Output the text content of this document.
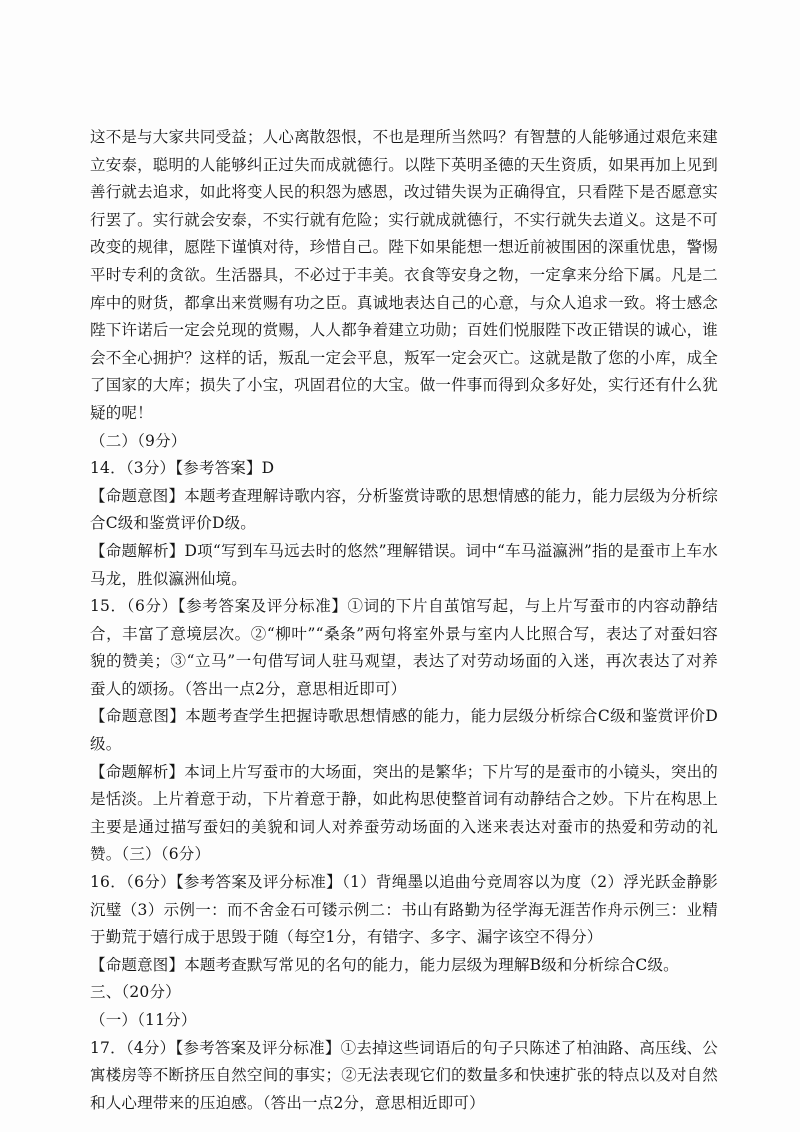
这不是与大家共同受益；人心离散怨恨，不也是理所当然吗？有智慧的人能够通过艰危来建立安泰，聪明的人能够纠正过失而成就德行。以陛下英明圣德的天生资质，如果再加上见到善行就去追求，如此将变人民的积怨为感恩，改过错失误为正确得宜，只看陛下是否愿意实行罢了。实行就会安泰，不实行就有危险；实行就成就德行，不实行就失去道义。这是不可改变的规律，愿陛下谨慎对待，珍惜自己。陛下如果能想一想近前被围困的深重忧患，警惕平时专利的贪欲。生活器具，不必过于丰美。衣食等安身之物，一定拿来分给下属。凡是二库中的财货，都拿出来赏赐有功之臣。真诚地表达自己的心意，与众人追求一致。将士感念陛下许诺后一定会兑现的赏赐，人人都争着建立功勋；百姓们悦服陛下改正错误的诚心，谁会不全心拥护？这样的话，叛乱一定会平息，叛军一定会灭亡。这就是散了您的小库，成全了国家的大库；损失了小宝，巩固君位的大宝。做一件事而得到众多好处，实行还有什么犹疑的呢！

（二）（9分）

14．（3分）【参考答案】D

【命题意图】本题考查理解诗歌内容，分析鉴赏诗歌的思想情感的能力，能力层级为分析综合C级和鉴赏评价D级。

【命题解析】D项“写到车马远去时的悠然”理解错误。词中“车马溢瀛洲”指的是蚕市上车水马龙，胜似瀛洲仙境。

15．（6分）【参考答案及评分标准】①词的下片自茧馆写起，与上片写蚕市的内容动静结合，丰富了意境层次。②“柳叶”“桑条”两句将室外景与室内人比照合写，表达了对蚕妇容貌的赞美；③“立马”一句借写词人驻马观望，表达了对劳动场面的入迷，再次表达了对养蚕人的颂扬。（答出一点2分，意思相近即可）

【命题意图】本题考查学生把握诗歌思想情感的能力，能力层级分析综合C级和鉴赏评价D级。

【命题解析】本词上片写蚕市的大场面，突出的是繁华；下片写的是蚕市的小镜头，突出的是恬淡。上片着意于动，下片着意于静，如此构思使整首词有动静结合之妙。下片在构思上主要是通过描写蚕妇的美貌和词人对养蚕劳动场面的入迷来表达对蚕市的热爱和劳动的礼赞。（三）（6分）

16．（6分）【参考答案及评分标准】（1）背绳墨以追曲兮竞周容以为度（2）浮光跃金静影沉璧（3）示例一：而不舍金石可镂示例二：书山有路勤为径学海无涯苦作舟示例三：业精于勤荒于嬉行成于思毁于随（每空1分，有错字、多字、漏字该空不得分）

【命题意图】本题考查默写常见的名句的能力，能力层级为理解B级和分析综合C级。

三、（20分）

（一）（11分）

17．（4分）【参考答案及评分标准】①去掉这些词语后的句子只陈述了柏油路、高压线、公寓楼房等不断挤压自然空间的事实；②无法表现它们的数量多和快速扩张的特点以及对自然和人心理带来的压迫感。（答出一点2分，意思相近即可）
